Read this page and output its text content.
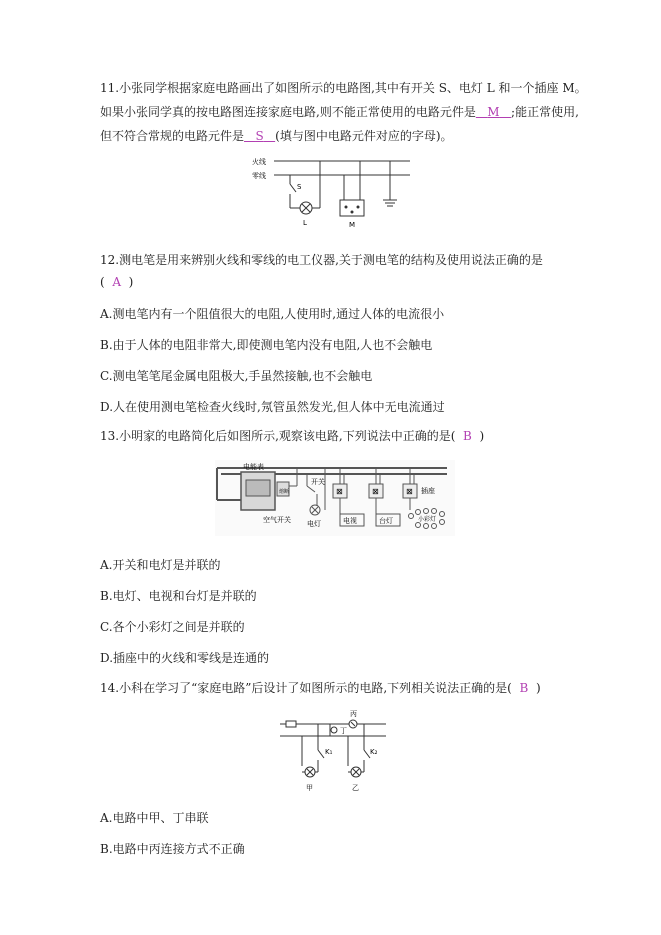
11.小张同学根据家庭电路画出了如图所示的电路图,其中有开关 S、电灯 L 和一个插座 M。
如果小张同学真的按电路图连接家庭电路,则不能正常使用的电路元件是 M ;能正常使用,
但不符合常规的电路元件是 S (填与图中电路元件对应的字母)。
火线
零线
S
L	M
12.测电笔是用来辨别火线和零线的电工仪器,关于测电笔的结构及使用说法正确的是
( A )
A.测电笔内有一个阻值很大的电阻,人使用时,通过人体的电流很小
B.由于人体的电阻非常大,即使测电笔内没有电阻,人也不会触电
C.测电笔笔尾金属电阻极大,手虽然接触,也不会触电
D.人在使用测电笔检查火线时,氖管虽然发光,但人体中无电流通过
13.小明家的电路简化后如图所示,观察该电路,下列说法中正确的是( B )
电能表
熔断
空气开关
开关
电灯
⊠	⊠	⊠ 插座
电视	台灯	小彩灯
A.开关和电灯是并联的
B.电灯、电视和台灯是并联的
C.各个小彩灯之间是并联的
D.插座中的火线和零线是连通的
14.小科在学习了“家庭电路”后设计了如图所示的电路,下列相关说法正确的是( B )
丙
丁
K₁
甲
K₂
乙
A.电路中甲、丁串联
B.电路中丙连接方式不正确
